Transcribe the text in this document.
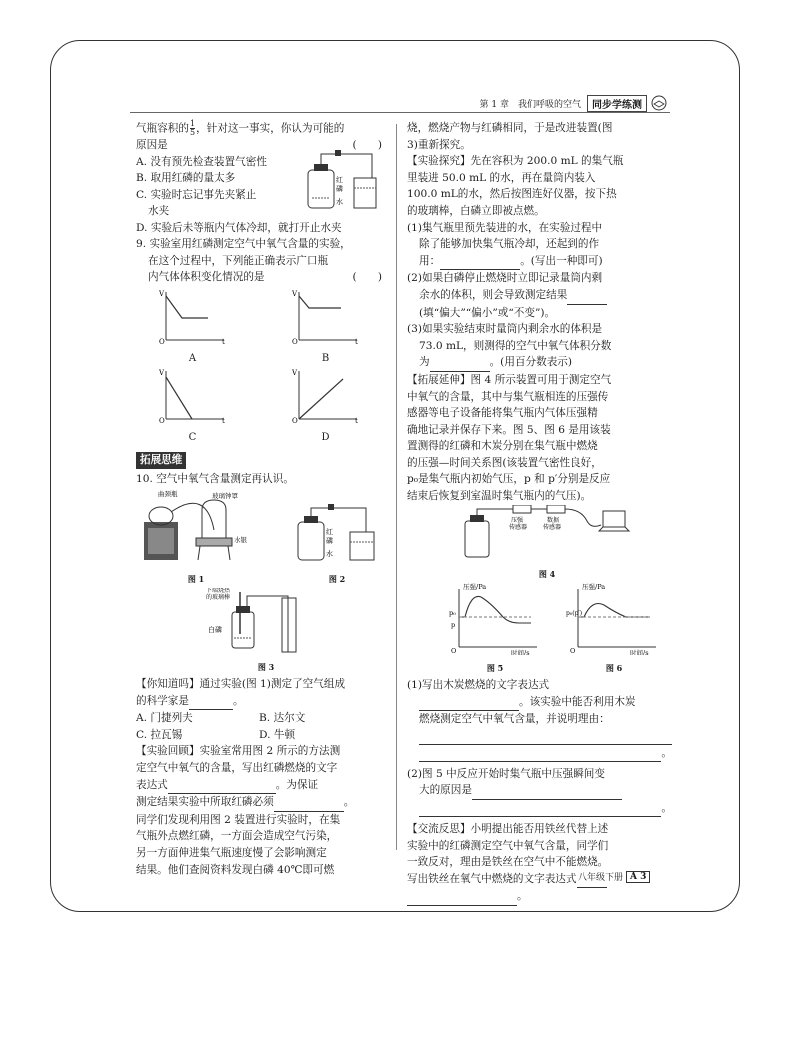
第 1 章　我们呼吸的空气	同步学练测

气瓶容积的 $\frac{1}{5}$ ，针对这一事实，你认为可能的

原因是	(　　)

A. 没有预先检查装置气密性

B. 取用红磷的量太多

C. 实验时忘记事先夹紧止

水夹

红
磷
水

D. 实验后未等瓶内气体冷却，就打开止水夹

9. 实验室用红磷测定空气中氧气含量的实验，

在这个过程中，下列能正确表示广口瓶

内气体体积变化情况的是	(　　)

V
t
O
A
V
t
O
B
V
t
O
C
V
t
O
D
拓展思维

10. 空气中氧气含量测定再认识。

曲颈瓶	玻璃钟罩
水银
图 1
红
磷
水
图 2
下端烧热
的玻璃棒
白磷
图 3

【你知道吗】通过实验(图 1)测定了空气组成

的科学家是	。

A. 门捷列夫	B. 达尔文

C. 拉瓦锡	D. 牛顿

【实验回顾】实验室常用图 2 所示的方法测

定空气中氧气的含量，写出红磷燃烧的文字

表达式	。为保证

测定结果实验中所取红磷必须	。

同学们发现利用图 2 装置进行实验时，在集

气瓶外点燃红磷，一方面会造成空气污染，

另一方面伸进集气瓶速度慢了会影响测定

结果。他们查阅资料发现白磷 40℃即可燃

烧，燃烧产物与红磷相同，于是改进装置(图

3)重新探究。

【实验探究】先在容积为 200.0 mL 的集气瓶

里装进 50.0 mL 的水，再在量筒内装入

100.0 mL的水，然后按图连好仪器，按下热

的玻璃棒，白磷立即被点燃。

(1)集气瓶里预先装进的水，在实验过程中

除了能够加快集气瓶冷却，还起到的作

用：	。(写出一种即可)

(2)如果白磷停止燃烧时立即记录量筒内剩

余水的体积，则会导致测定结果

(填“偏大”“偏小”或“不变”)。

(3)如果实验结束时量筒内剩余水的体积是

73.0 mL，则测得的空气中氧气体积分数

为	。(用百分数表示)

【拓展延伸】图 4 所示装置可用于测定空气

中氧气的含量，其中与集气瓶相连的压强传

感器等电子设备能将集气瓶内气体压强精

确地记录并保存下来。图 5、图 6 是用该装

置测得的红磷和木炭分别在集气瓶中燃烧

的压强—时间关系图(该装置气密性良好，

p₀是集气瓶内初始气压，p 和 p′分别是反应

结束后恢复到室温时集气瓶内的气压)。

压强
传感器
数据
传感器
图 4
压强/Pa
时间/s
p₀
p
O
图 5
压强/Pa
时间/s
p₀(p′)
O
图 6

(1)写出木炭燃烧的文字表达式

。该实验中能否利用木炭

燃烧测定空气中氧气含量，并说明理由：

。

(2)图 5 中反应开始时集气瓶中压强瞬间变

大的原因是

。

【交流反思】小明提出能否用铁丝代替上述

实验中的红磷测定空气中氧气含量，同学们

一致反对，理由是铁丝在空气中不能燃烧。

写出铁丝在氧气中燃烧的文字表达式

。

八年级下册 A 3
